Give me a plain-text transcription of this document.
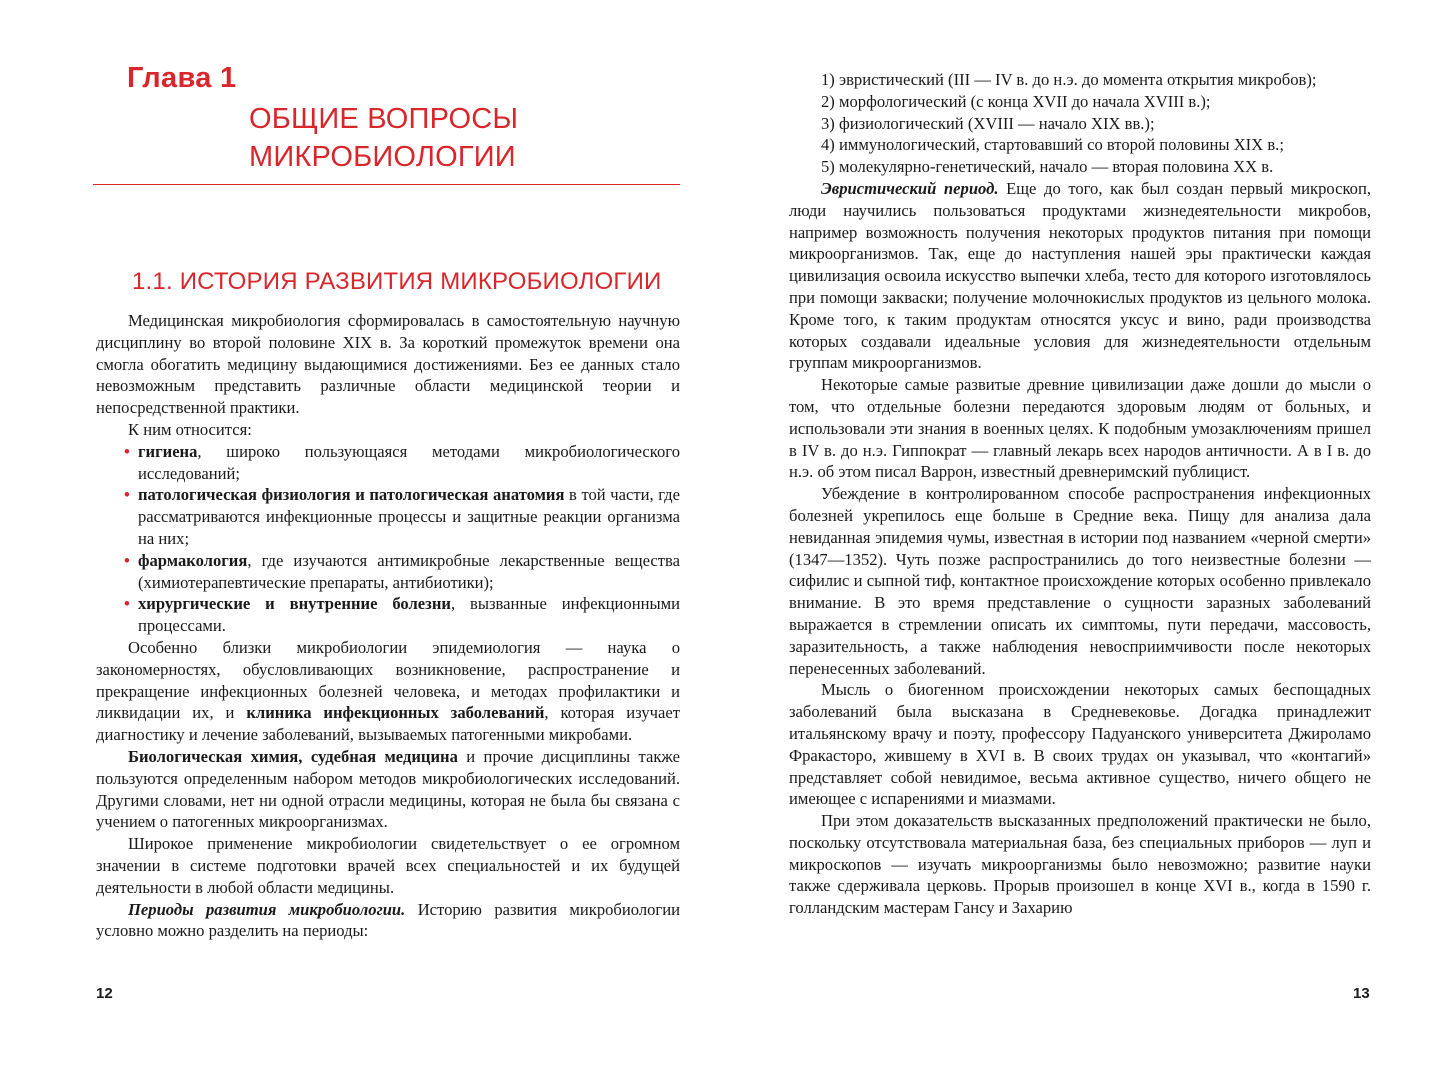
Глава 1
ОБЩИЕ ВОПРОСЫ
МИКРОБИОЛОГИИ
1.1. ИСТОРИЯ РАЗВИТИЯ МИКРОБИОЛОГИИ

Медицинская микробиология сформировалась в самостоятельную научную дисциплину во второй половине XIX в. За короткий промежуток времени она смогла обогатить медицину выдающимися достижениями. Без ее данных стало невозможным представить различные области медицинской теории и непосредственной практики.

К ним относится:

• гигиена, широко пользующаяся методами микробиологического исследований;
• патологическая физиология и патологическая анатомия в той части, где рассматриваются инфекционные процессы и защитные реакции организма на них;
• фармакология, где изучаются антимикробные лекарственные вещества (химиотерапевтические препараты, антибиотики);
• хирургические и внутренние болезни, вызванные инфекционными процессами.

Особенно близки микробиологии эпидемиология — наука о закономерностях, обусловливающих возникновение, распространение и прекращение инфекционных болезней человека, и методах профилактики и ликвидации их, и клиника инфекционных заболеваний, которая изучает диагностику и лечение заболеваний, вызываемых патогенными микробами.

Биологическая химия, судебная медицина и прочие дисциплины также пользуются определенным набором методов микробиологических исследований. Другими словами, нет ни одной отрасли медицины, которая не была бы связана с учением о патогенных микроорганизмах.

Широкое применение микробиологии свидетельствует о ее огромном значении в системе подготовки врачей всех специальностей и их будущей деятельности в любой области медицины.

Периоды развития микробиологии. Историю развития микробиологии условно можно разделить на периоды:

12
1) эвристический (III — IV в. до н.э. до момента открытия микробов);
2) морфологический (с конца XVII до начала XVIII в.);
3) физиологический (XVIII — начало XIX вв.);
4) иммунологический, стартовавший со второй половины XIX в.;
5) молекулярно-генетический, начало — вторая половина XX в.

Эвристический период. Еще до того, как был создан первый микроскоп, люди научились пользоваться продуктами жизнедеятельности микробов, например возможность получения некоторых продуктов питания при помощи микроорганизмов. Так, еще до наступления нашей эры практически каждая цивилизация освоила искусство выпечки хлеба, тесто для которого изготовлялось при помощи закваски; получение молочнокислых продуктов из цельного молока. Кроме того, к таким продуктам относятся уксус и вино, ради производства которых создавали идеальные условия для жизнедеятельности отдельным группам микроорганизмов.

Некоторые самые развитые древние цивилизации даже дошли до мысли о том, что отдельные болезни передаются здоровым людям от больных, и использовали эти знания в военных целях. К подобным умозаключениям пришел в IV в. до н.э. Гиппократ — главный лекарь всех народов античности. А в I в. до н.э. об этом писал Варрон, известный древнеримский публицист.

Убеждение в контролированном способе распространения инфекционных болезней укрепилось еще больше в Средние века. Пищу для анализа дала невиданная эпидемия чумы, известная в истории под названием «черной смерти» (1347—1352). Чуть позже распространились до того неизвестные болезни — сифилис и сыпной тиф, контактное происхождение которых особенно привлекало внимание. В это время представление о сущности заразных заболеваний выражается в стремлении описать их симптомы, пути передачи, массовость, заразительность, а также наблюдения невосприимчивости после некоторых перенесенных заболеваний.

Мысль о биогенном происхождении некоторых самых беспощадных заболеваний была высказана в Средневековье. Догадка принадлежит итальянскому врачу и поэту, профессору Падуанского университета Джироламо Фракасторо, жившему в XVI в. В своих трудах он указывал, что «контагий» представляет собой невидимое, весьма активное существо, ничего общего не имеющее с испарениями и миазмами.

При этом доказательств высказанных предположений практически не было, поскольку отсутствовала материальная база, без специальных приборов — луп и микроскопов — изучать микроорганизмы было невозможно; развитие науки также сдерживала церковь. Прорыв произошел в конце XVI в., когда в 1590 г. голландским мастерам Гансу и Захарию

13
